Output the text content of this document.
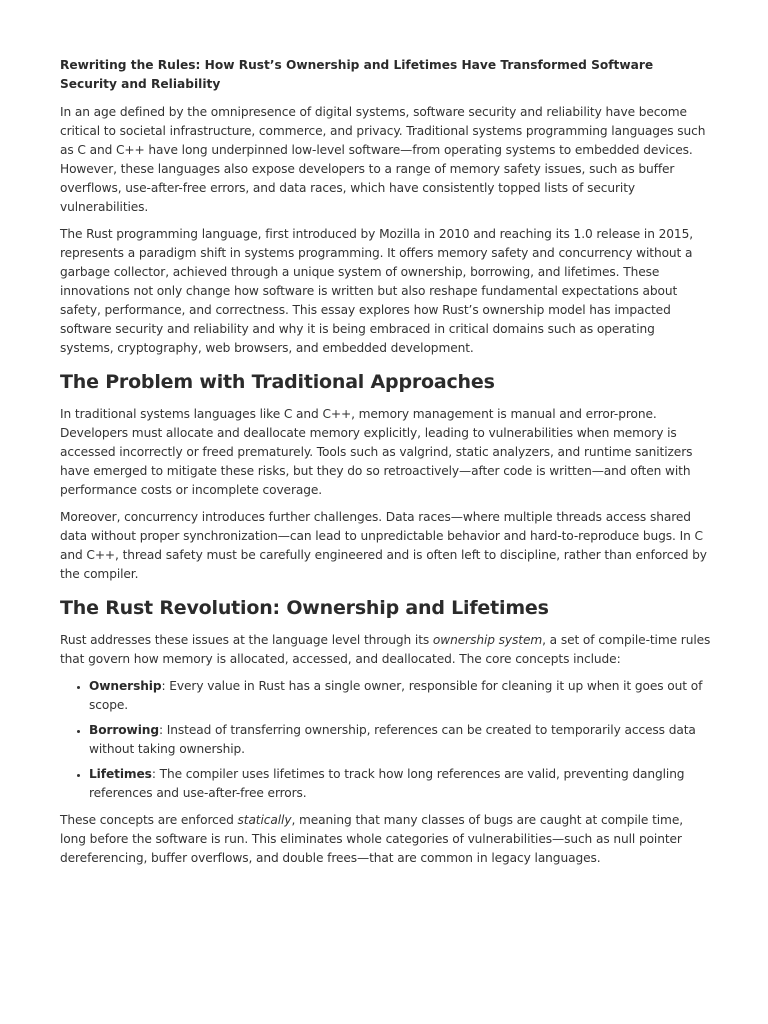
Rewriting the Rules: How Rust’s Ownership and Lifetimes Have Transformed Software Security and Reliability

In an age defined by the omnipresence of digital systems, software security and reliability have become critical to societal infrastructure, commerce, and privacy. Traditional systems programming languages such as C and C++ have long underpinned low-level software—from operating systems to embedded devices. However, these languages also expose developers to a range of memory safety issues, such as buffer overflows, use-after-free errors, and data races, which have consistently topped lists of security vulnerabilities.

The Rust programming language, first introduced by Mozilla in 2010 and reaching its 1.0 release in 2015, represents a paradigm shift in systems programming. It offers memory safety and concurrency without a garbage collector, achieved through a unique system of ownership, borrowing, and lifetimes. These innovations not only change how software is written but also reshape fundamental expectations about safety, performance, and correctness. This essay explores how Rust’s ownership model has impacted software security and reliability and why it is being embraced in critical domains such as operating systems, cryptography, web browsers, and embedded development.

The Problem with Traditional Approaches

In traditional systems languages like C and C++, memory management is manual and error-prone. Developers must allocate and deallocate memory explicitly, leading to vulnerabilities when memory is accessed incorrectly or freed prematurely. Tools such as valgrind, static analyzers, and runtime sanitizers have emerged to mitigate these risks, but they do so retroactively—after code is written—and often with performance costs or incomplete coverage.

Moreover, concurrency introduces further challenges. Data races—where multiple threads access shared data without proper synchronization—can lead to unpredictable behavior and hard-to-reproduce bugs. In C and C++, thread safety must be carefully engineered and is often left to discipline, rather than enforced by the compiler.

The Rust Revolution: Ownership and Lifetimes

Rust addresses these issues at the language level through its ownership system, a set of compile-time rules that govern how memory is allocated, accessed, and deallocated. The core concepts include:

• Ownership: Every value in Rust has a single owner, responsible for cleaning it up when it goes out of scope.
• Borrowing: Instead of transferring ownership, references can be created to temporarily access data without taking ownership.
• Lifetimes: The compiler uses lifetimes to track how long references are valid, preventing dangling references and use-after-free errors.

These concepts are enforced statically, meaning that many classes of bugs are caught at compile time, long before the software is run. This eliminates whole categories of vulnerabilities—such as null pointer dereferencing, buffer overflows, and double frees—that are common in legacy languages.
